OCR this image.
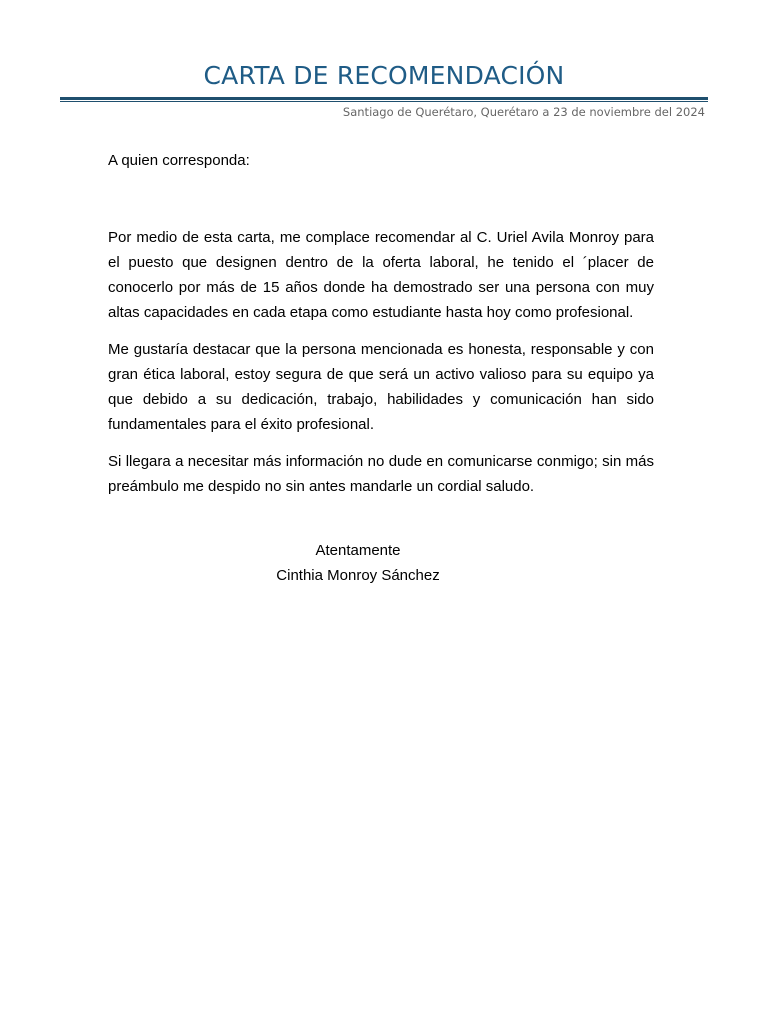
CARTA DE RECOMENDACIÓN
Santiago de Querétaro, Querétaro a 23 de noviembre del 2024
A quien corresponda:

Por medio de esta carta, me complace recomendar al C. Uriel Avila Monroy para el puesto que designen dentro de la oferta laboral, he tenido el ´placer de conocerlo por más de 15 años donde ha demostrado ser una persona con muy altas capacidades en cada etapa como estudiante hasta hoy como profesional.

Me gustaría destacar que la persona mencionada es honesta, responsable y con gran ética laboral, estoy segura de que será un activo valioso para su equipo ya que debido a su dedicación, trabajo, habilidades y comunicación han sido fundamentales para el éxito profesional.

Si llegara a necesitar más información no dude en comunicarse conmigo; sin más preámbulo me despido no sin antes mandarle un cordial saludo.

Atentamente
Cinthia Monroy Sánchez
